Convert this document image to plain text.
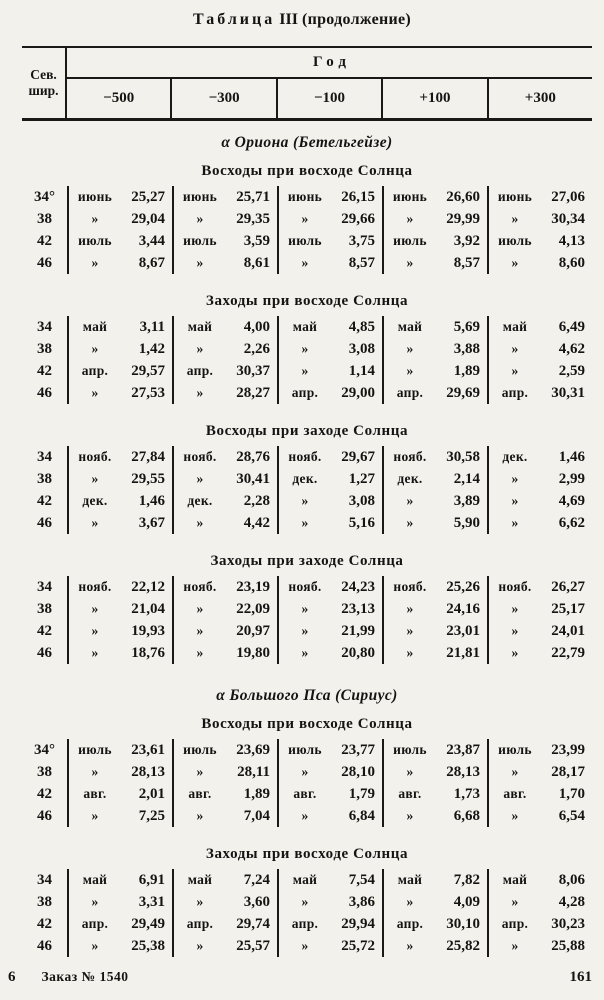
Таблица III (продолжение)
Сев.
шир.
Год
−500	−300	−100	+100	+300
α Ориона (Бетельгейзе)
Восходы при восходе Солнца
34°	июнь	25,27	июнь	25,71	июнь	26,15	июнь	26,60	июнь	27,06
38	»	29,04	»	29,35	»	29,66	»	29,99	»	30,34
42	июль	3,44	июль	3,59	июль	3,75	июль	3,92	июль	4,13
46	»	8,67	»	8,61	»	8,57	»	8,57	»	8,60
Заходы при восходе Солнца
34	май	3,11	май	4,00	май	4,85	май	5,69	май	6,49
38	»	1,42	»	2,26	»	3,08	»	3,88	»	4,62
42	апр.	29,57	апр.	30,37	»	1,14	»	1,89	»	2,59
46	»	27,53	»	28,27	апр.	29,00	апр.	29,69	апр.	30,31
Восходы при заходе Солнца
34	нояб.	27,84	нояб.	28,76	нояб.	29,67	нояб.	30,58	дек.	1,46
38	»	29,55	»	30,41	дек.	1,27	дек.	2,14	»	2,99
42	дек.	1,46	дек.	2,28	»	3,08	»	3,89	»	4,69
46	»	3,67	»	4,42	»	5,16	»	5,90	»	6,62
Заходы при заходе Солнца
34	нояб.	22,12	нояб.	23,19	нояб.	24,23	нояб.	25,26	нояб.	26,27
38	»	21,04	»	22,09	»	23,13	»	24,16	»	25,17
42	»	19,93	»	20,97	»	21,99	»	23,01	»	24,01
46	»	18,76	»	19,80	»	20,80	»	21,81	»	22,79
α Большого Пса (Сириус)
Восходы при восходе Солнца
34°	июль	23,61	июль	23,69	июль	23,77	июль	23,87	июль	23,99
38	»	28,13	»	28,11	»	28,10	»	28,13	»	28,17
42	авг.	2,01	авг.	1,89	авг.	1,79	авг.	1,73	авг.	1,70
46	»	7,25	»	7,04	»	6,84	»	6,68	»	6,54
Заходы при восходе Солнца
34	май	6,91	май	7,24	май	7,54	май	7,82	май	8,06
38	»	3,31	»	3,60	»	3,86	»	4,09	»	4,28
42	апр.	29,49	апр.	29,74	апр.	29,94	апр.	30,10	апр.	30,23
46	»	25,38	»	25,57	»	25,72	»	25,82	»	25,88
6 Заказ № 1540	161
